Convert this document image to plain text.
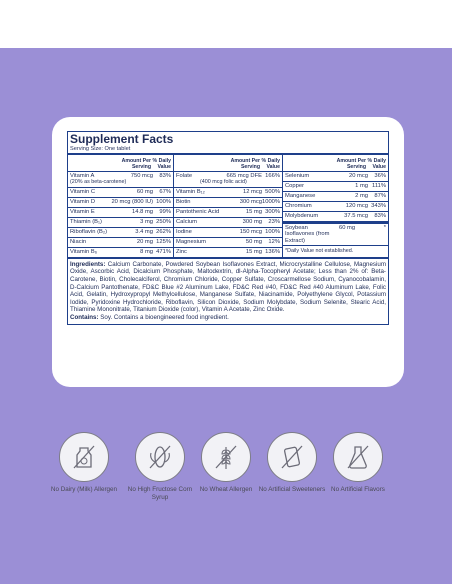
Supplement Facts
Serving Size: One tablet
Amount Per Serving
% Daily Value
Vitamin A	750 mcg	83%
(20% as beta-carotene)
Vitamin C	60 mg	67%
Vitamin D	20 mcg (800 IU) 100%
Vitamin E	14.8 mg	99%
Thiamin (B₁)	3 mg 250%
Riboflavin (B₂)	3.4 mg 262%
Niacin	20 mg 125%
Vitamin B₆	8 mg 471%
Amount Per Serving
% Daily Value
Folate	665 mcg DFE 166%
(400 mcg folic acid)
Vitamin B₁₂	12 mcg 500%
Biotin	300 mcg 1000%
Pantothenic Acid	15 mg 300%
Calcium	300 mg	23%
Iodine	150 mcg 100%
Magnesium	50 mg	12%
Zinc	15 mg 136%
Amount Per Serving
% Daily Value
Selenium	20 mcg	36%
Copper	1 mg 111%
Manganese	2 mg	87%
Chromium	120 mcg 343%
Molybdenum	37.5 mcg	83%
Soybean Isoflavones (from Extract)
60 mg	*
*Daily Value not established.
Ingredients: Calcium Carbonate, Powdered Soybean Isoflavones Extract, Microcrystalline Cellulose, Magnesium Oxide, Ascorbic Acid, Dicalcium Phosphate, Maltodextrin, dl-Alpha-Tocopheryl Acetate; Less than 2% of: Beta-Carotene, Biotin, Cholecalciferol, Chromium Chloride, Copper Sulfate, Croscarmellose Sodium, Cyanocobalamin, D-Calcium Pantothenate, FD&C Blue #2 Aluminum Lake, FD&C Red #40, FD&C Red #40 Aluminum Lake, Folic Acid, Gelatin, Hydroxypropyl Methylcellulose, Manganese Sulfate, Niacinamide, Polyethylene Glycol, Potassium Iodide, Pyridoxine Hydrochloride, Riboflavin, Silicon Dioxide, Sodium Molybdate, Sodium Selenite, Stearic Acid, Thiamine Mononitrate, Titanium Dioxide (color), Vitamin A Acetate, Zinc Oxide.
Contains: Soy. Contains a bioengineered food ingredient.
No Dairy (Milk) Allergen	No High Fructose Corn Syrup
No Wheat Allergen	No Artificial Sweeteners No Artificial Flavors
